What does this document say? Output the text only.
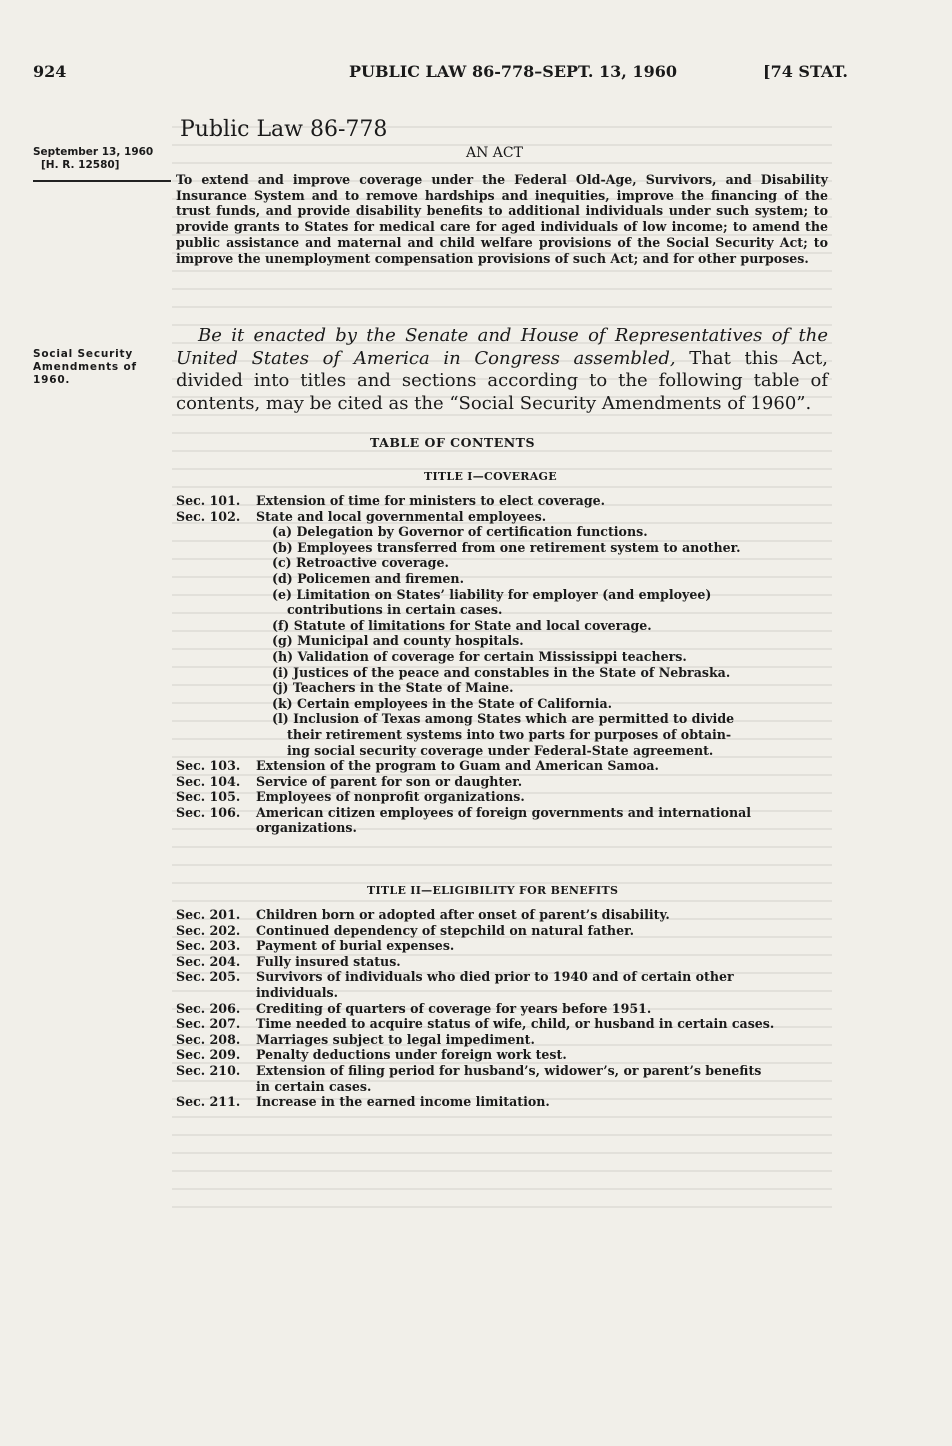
924	PUBLIC LAW 86-778–SEPT. 13, 1960	[74 STAT.
Public Law 86-778
September 13, 1960
[H. R. 12580]
AN ACT
To extend and improve coverage under the Federal Old-Age, Survivors, and Disability Insurance System and to remove hardships and inequities, improve the financing of the trust funds, and provide disability benefits to additional individuals under such system; to provide grants to States for medical care for aged individuals of low income; to amend the public assistance and maternal and child welfare provisions of the Social Security Act; to improve the unemployment compensation provisions of such Act; and for other purposes.
Social Security
Amendments of
1960.
Be it enacted by the Senate and House of Representatives of the United States of America in Congress assembled, That this Act, divided into titles and sections according to the following table of contents, may be cited as the “Social Security Amendments of 1960”.
TABLE OF CONTENTS
TITLE I—COVERAGE
Sec. 101. Extension of time for ministers to elect coverage.
Sec. 102. State and local governmental employees.
(a) Delegation by Governor of certification functions.
(b) Employees transferred from one retirement system to another.
(c) Retroactive coverage.
(d) Policemen and firemen.
(e) Limitation on States’ liability for employer (and employee)
contributions in certain cases.
(f) Statute of limitations for State and local coverage.
(g) Municipal and county hospitals.
(h) Validation of coverage for certain Mississippi teachers.
(i) Justices of the peace and constables in the State of Nebraska.
(j) Teachers in the State of Maine.
(k) Certain employees in the State of California.
(l) Inclusion of Texas among States which are permitted to divide
their retirement systems into two parts for purposes of obtain-
ing social security coverage under Federal-State agreement.
Sec. 103. Extension of the program to Guam and American Samoa.
Sec. 104. Service of parent for son or daughter.
Sec. 105. Employees of nonprofit organizations.
Sec. 106. American citizen employees of foreign governments and international
organizations.
TITLE II—ELIGIBILITY FOR BENEFITS
Sec. 201. Children born or adopted after onset of parent’s disability.
Sec. 202. Continued dependency of stepchild on natural father.
Sec. 203. Payment of burial expenses.
Sec. 204. Fully insured status.
Sec. 205. Survivors of individuals who died prior to 1940 and of certain other
individuals.
Sec. 206. Crediting of quarters of coverage for years before 1951.
Sec. 207. Time needed to acquire status of wife, child, or husband in certain cases.
Sec. 208. Marriages subject to legal impediment.
Sec. 209. Penalty deductions under foreign work test.
Sec. 210. Extension of filing period for husband’s, widower’s, or parent’s benefits
in certain cases.
Sec. 211. Increase in the earned income limitation.
